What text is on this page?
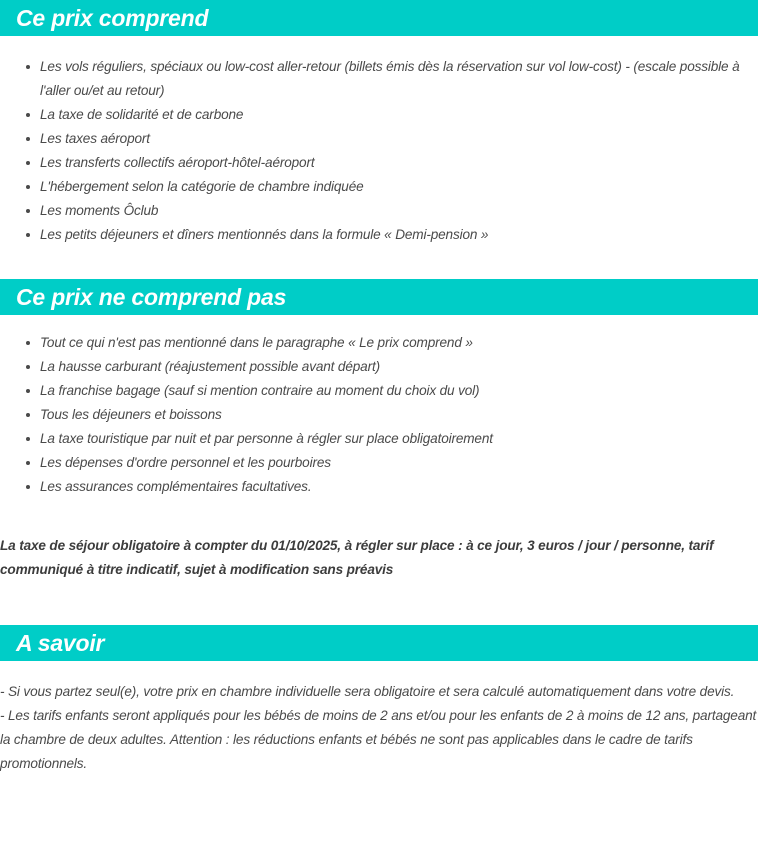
Ce prix comprend
Les vols réguliers, spéciaux ou low-cost aller-retour (billets émis dès la réservation sur vol low-cost) - (escale possible à l'aller ou/et au retour)
La taxe de solidarité et de carbone
Les taxes aéroport
Les transferts collectifs aéroport-hôtel-aéroport
L'hébergement selon la catégorie de chambre indiquée
Les moments Ôclub
Les petits déjeuners et dîners mentionnés dans la formule « Demi-pension »
Ce prix ne comprend pas
Tout ce qui n'est pas mentionné dans le paragraphe « Le prix comprend »
La hausse carburant (réajustement possible avant départ)
La franchise bagage (sauf si mention contraire au moment du choix du vol)
Tous les déjeuners et boissons
La taxe touristique par nuit et par personne à régler sur place obligatoirement
Les dépenses d'ordre personnel et les pourboires
Les assurances complémentaires facultatives.

La taxe de séjour obligatoire à compter du 01/10/2025, à régler sur place : à ce jour, 3 euros / jour / personne, tarif communiqué à titre indicatif, sujet à modification sans préavis

A savoir

- Si vous partez seul(e), votre prix en chambre individuelle sera obligatoire et sera calculé automatiquement dans votre devis.

- Les tarifs enfants seront appliqués pour les bébés de moins de 2 ans et/ou pour les enfants de 2 à moins de 12 ans, partageant la chambre de deux adultes. Attention : les réductions enfants et bébés ne sont pas applicables dans le cadre de tarifs promotionnels.
